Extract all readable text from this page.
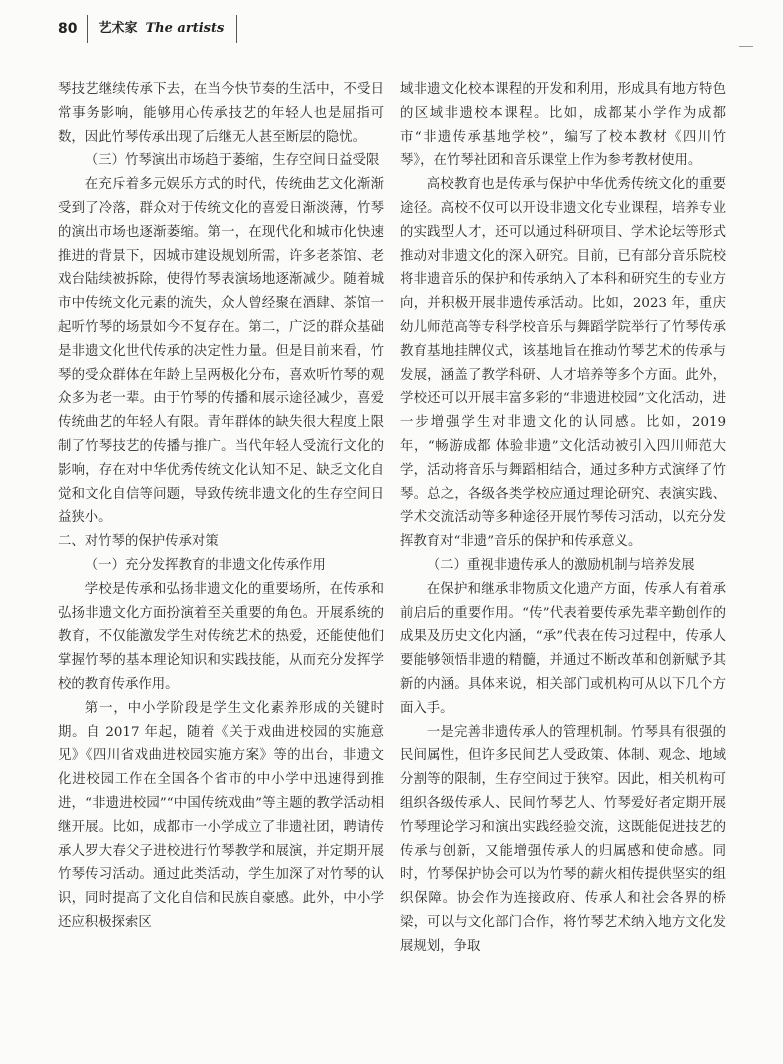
80	艺术家 The artists

琴技艺继续传承下去，在当今快节奏的生活中，不受日常事务影响，能够用心传承技艺的年轻人也是屈指可数，因此竹琴传承出现了后继无人甚至断层的隐忧。

（三）竹琴演出市场趋于萎缩，生存空间日益受限

在充斥着多元娱乐方式的时代，传统曲艺文化渐渐受到了冷落，群众对于传统文化的喜爱日渐淡薄，竹琴的演出市场也逐渐萎缩。第一，在现代化和城市化快速推进的背景下，因城市建设规划所需，许多老茶馆、老戏台陆续被拆除，使得竹琴表演场地逐渐减少。随着城市中传统文化元素的流失，众人曾经聚在酒肆、茶馆一起听竹琴的场景如今不复存在。第二，广泛的群众基础是非遗文化世代传承的决定性力量。但是目前来看，竹琴的受众群体在年龄上呈两极化分布，喜欢听竹琴的观众多为老一辈。由于竹琴的传播和展示途径减少，喜爱传统曲艺的年轻人有限。青年群体的缺失很大程度上限制了竹琴技艺的传播与推广。当代年轻人受流行文化的影响，存在对中华优秀传统文化认知不足、缺乏文化自觉和文化自信等问题，导致传统非遗文化的生存空间日益狭小。

二、对竹琴的保护传承对策

（一）充分发挥教育的非遗文化传承作用

学校是传承和弘扬非遗文化的重要场所，在传承和弘扬非遗文化方面扮演着至关重要的角色。开展系统的教育，不仅能激发学生对传统艺术的热爱，还能使他们掌握竹琴的基本理论知识和实践技能，从而充分发挥学校的教育传承作用。

第一，中小学阶段是学生文化素养形成的关键时期。自 2017 年起，随着《关于戏曲进校园的实施意见》《四川省戏曲进校园实施方案》等的出台，非遗文化进校园工作在全国各个省市的中小学中迅速得到推进，“非遗进校园”“中国传统戏曲”等主题的教学活动相继开展。比如，成都市一小学成立了非遗社团，聘请传承人罗大春父子进校进行竹琴教学和展演，并定期开展竹琴传习活动。通过此类活动，学生加深了对竹琴的认识，同时提高了文化自信和民族自豪感。此外，中小学还应积极探索区

域非遗文化校本课程的开发和利用，形成具有地方特色的区域非遗校本课程。比如，成都某小学作为成都市“非遗传承基地学校”，编写了校本教材《四川竹琴》，在竹琴社团和音乐课堂上作为参考教材使用。

高校教育也是传承与保护中华优秀传统文化的重要途径。高校不仅可以开设非遗文化专业课程，培养专业的实践型人才，还可以通过科研项目、学术论坛等形式推动对非遗文化的深入研究。目前，已有部分音乐院校将非遗音乐的保护和传承纳入了本科和研究生的专业方向，并积极开展非遗传承活动。比如，2023 年，重庆幼儿师范高等专科学校音乐与舞蹈学院举行了竹琴传承教育基地挂牌仪式，该基地旨在推动竹琴艺术的传承与发展，涵盖了教学科研、人才培养等多个方面。此外，学校还可以开展丰富多彩的“非遗进校园”文化活动，进一步增强学生对非遗文化的认同感。比如，2019 年，“畅游成都 体验非遗”文化活动被引入四川师范大学，活动将音乐与舞蹈相结合，通过多种方式演绎了竹琴。总之，各级各类学校应通过理论研究、表演实践、学术交流活动等多种途径开展竹琴传习活动，以充分发挥教育对“非遗”音乐的保护和传承意义。

（二）重视非遗传承人的激励机制与培养发展

在保护和继承非物质文化遗产方面，传承人有着承前启后的重要作用。“传”代表着要传承先辈辛勤创作的成果及历史文化内涵，“承”代表在传习过程中，传承人要能够领悟非遗的精髓，并通过不断改革和创新赋予其新的内涵。具体来说，相关部门或机构可从以下几个方面入手。

一是完善非遗传承人的管理机制。竹琴具有很强的民间属性，但许多民间艺人受政策、体制、观念、地域分割等的限制，生存空间过于狭窄。因此，相关机构可组织各级传承人、民间竹琴艺人、竹琴爱好者定期开展竹琴理论学习和演出实践经验交流，这既能促进技艺的传承与创新，又能增强传承人的归属感和使命感。同时，竹琴保护协会可以为竹琴的薪火相传提供坚实的组织保障。协会作为连接政府、传承人和社会各界的桥梁，可以与文化部门合作，将竹琴艺术纳入地方文化发展规划，争取
